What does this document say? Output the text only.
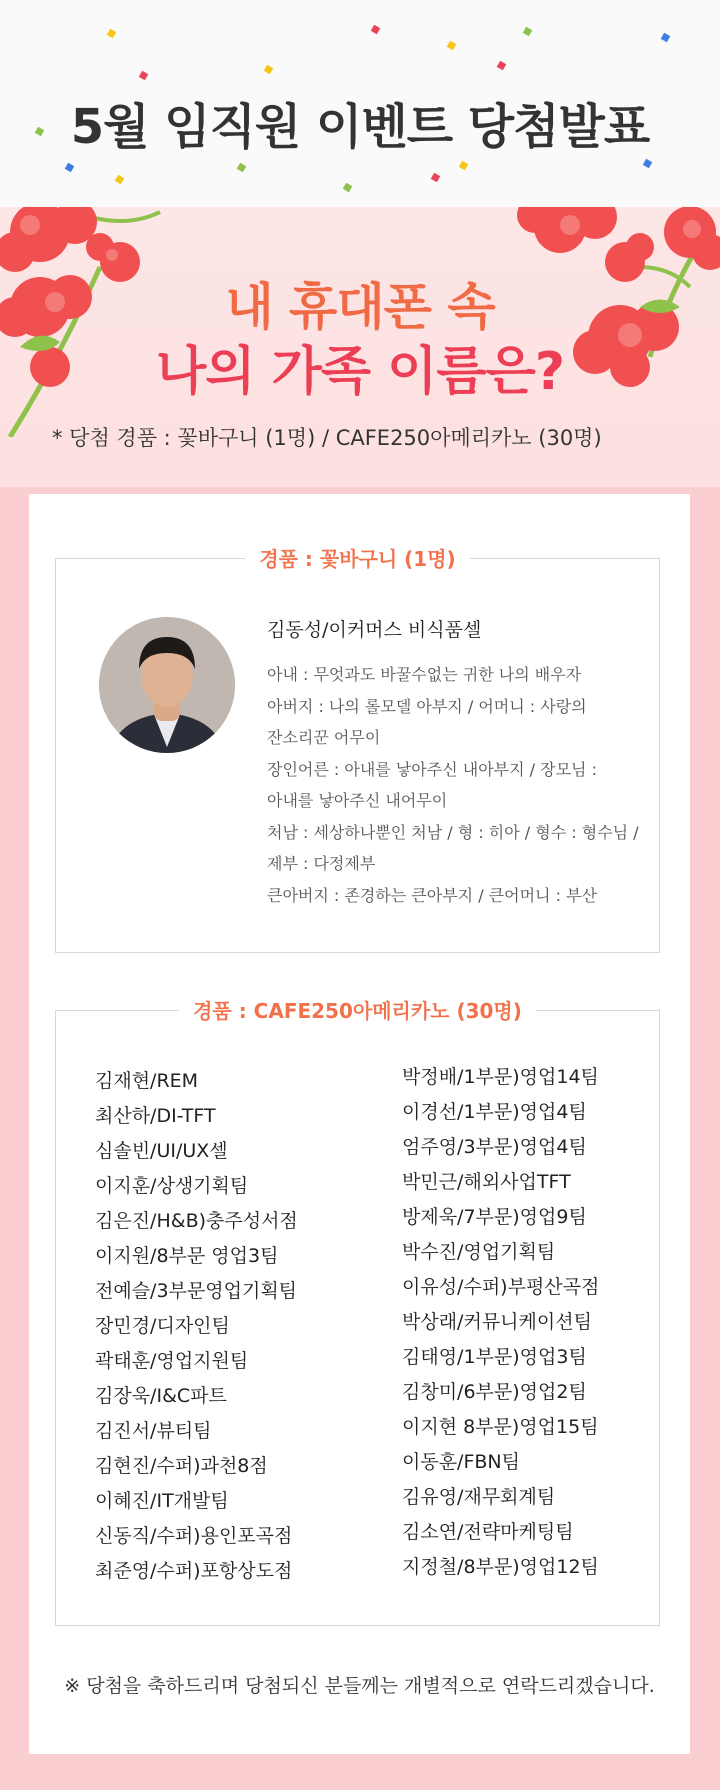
5월 임직원 이벤트 당첨발표
내 휴대폰 속
나의 가족 이름은?
* 당첨 경품 : 꽃바구니 (1명) / CAFE250아메리카노 (30명)
경품 : 꽃바구니 (1명)
김동성/이커머스 비식품셀
아내 : 무엇과도 바꿀수없는 귀한 나의 배우자
아버지 : 나의 롤모델 아부지 / 어머니 : 사랑의
잔소리꾼 어무이
장인어른 : 아내를 낳아주신 내아부지 / 장모님 :
아내를 낳아주신 내어무이
처남 : 세상하나뿐인 처남 / 형 : 히아 / 형수 : 형수님 /
제부 : 다정제부
큰아버지 : 존경하는 큰아부지 / 큰어머니 : 부산
경품 : CAFE250아메리카노 (30명)
김재현/REM
최산하/DI-TFT
심솔빈/UI/UX셀
이지훈/상생기획팀
김은진/H&B)충주성서점
이지원/8부문 영업3팀
전예슬/3부문영업기획팀
장민경/디자인팀
곽태훈/영업지원팀
김장욱/I&C파트
김진서/뷰티팀
김현진/수퍼)과천8점
이혜진/IT개발팀
신동직/수퍼)용인포곡점
최준영/수퍼)포항상도점
박정배/1부문)영업14팀
이경선/1부문)영업4팀
엄주영/3부문)영업4팀
박민근/해외사업TFT
방제욱/7부문)영업9팀
박수진/영업기획팀
이유성/수퍼)부평산곡점
박상래/커뮤니케이션팀
김태영/1부문)영업3팀
김창미/6부문)영업2팀
이지현 8부문)영업15팀
이동훈/FBN팀
김유영/재무회계팀
김소연/전략마케팅팀
지정철/8부문)영업12팀
※ 당첨을 축하드리며 당첨되신 분들께는 개별적으로 연락드리겠습니다.
